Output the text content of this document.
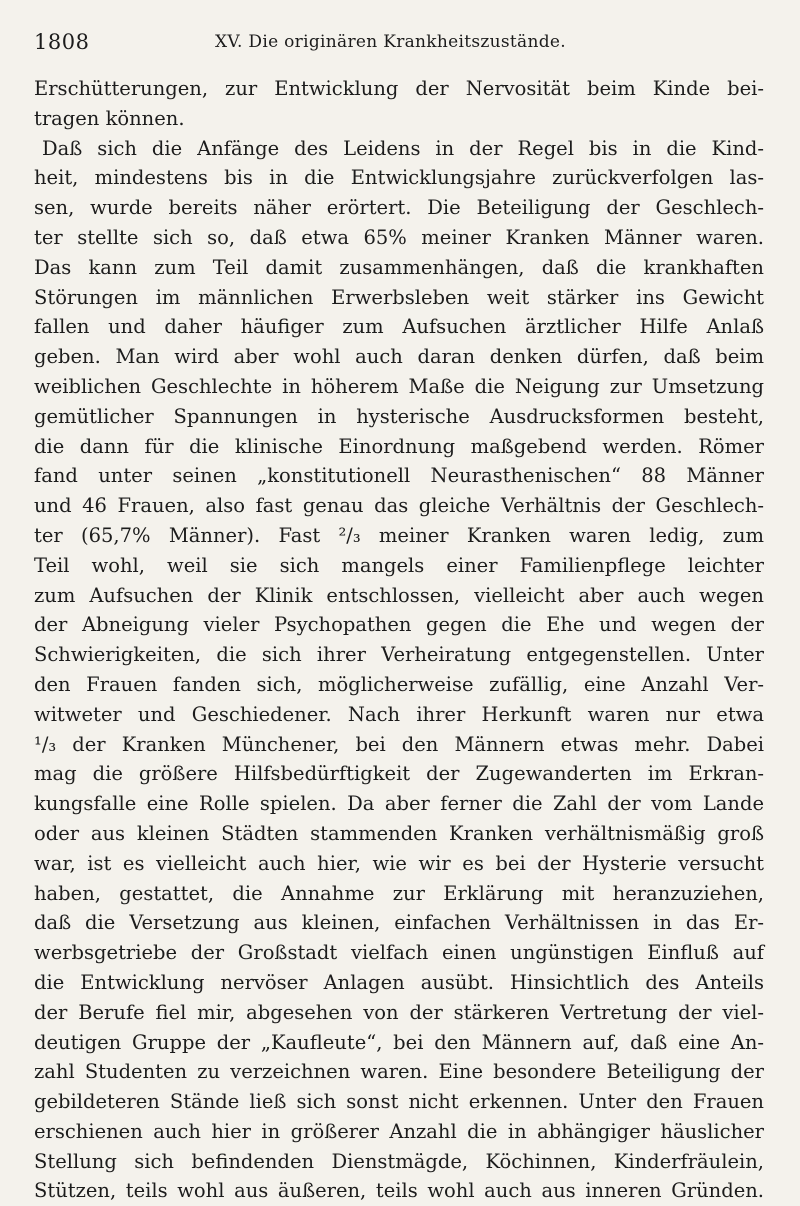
1808	XV. Die originären Krankheitszustände.
Erschütterungen, zur Entwicklung der Nervosität beim Kinde bei-
tragen können.
Daß sich die Anfänge des Leidens in der Regel bis in die Kind-
heit, mindestens bis in die Entwicklungsjahre zurückverfolgen las-
sen, wurde bereits näher erörtert. Die Beteiligung der Geschlech-
ter stellte sich so, daß etwa 65% meiner Kranken Männer waren.
Das kann zum Teil damit zusammenhängen, daß die krankhaften
Störungen im männlichen Erwerbsleben weit stärker ins Gewicht
fallen und daher häufiger zum Aufsuchen ärztlicher Hilfe Anlaß
geben. Man wird aber wohl auch daran denken dürfen, daß beim
weiblichen Geschlechte in höherem Maße die Neigung zur Umsetzung
gemütlicher Spannungen in hysterische Ausdrucksformen besteht,
die dann für die klinische Einordnung maßgebend werden. Römer
fand unter seinen „konstitutionell Neurasthenischen“ 88 Männer
und 46 Frauen, also fast genau das gleiche Verhältnis der Geschlech-
ter (65,7% Männer). Fast ²/₃ meiner Kranken waren ledig, zum
Teil wohl, weil sie sich mangels einer Familienpflege leichter
zum Aufsuchen der Klinik entschlossen, vielleicht aber auch wegen
der Abneigung vieler Psychopathen gegen die Ehe und wegen der
Schwierigkeiten, die sich ihrer Verheiratung entgegenstellen. Unter
den Frauen fanden sich, möglicherweise zufällig, eine Anzahl Ver-
witweter und Geschiedener. Nach ihrer Herkunft waren nur etwa
¹/₃ der Kranken Münchener, bei den Männern etwas mehr. Dabei
mag die größere Hilfsbedürftigkeit der Zugewanderten im Erkran-
kungsfalle eine Rolle spielen. Da aber ferner die Zahl der vom Lande
oder aus kleinen Städten stammenden Kranken verhältnismäßig groß
war, ist es vielleicht auch hier, wie wir es bei der Hysterie versucht
haben, gestattet, die Annahme zur Erklärung mit heranzuziehen,
daß die Versetzung aus kleinen, einfachen Verhältnissen in das Er-
werbsgetriebe der Großstadt vielfach einen ungünstigen Einfluß auf
die Entwicklung nervöser Anlagen ausübt. Hinsichtlich des Anteils
der Berufe fiel mir, abgesehen von der stärkeren Vertretung der viel-
deutigen Gruppe der „Kaufleute“, bei den Männern auf, daß eine An-
zahl Studenten zu verzeichnen waren. Eine besondere Beteiligung der
gebildeteren Stände ließ sich sonst nicht erkennen. Unter den Frauen
erschienen auch hier in größerer Anzahl die in abhängiger häuslicher
Stellung sich befindenden Dienstmägde, Köchinnen, Kinderfräulein,
Stützen, teils wohl aus äußeren, teils wohl auch aus inneren Gründen.
